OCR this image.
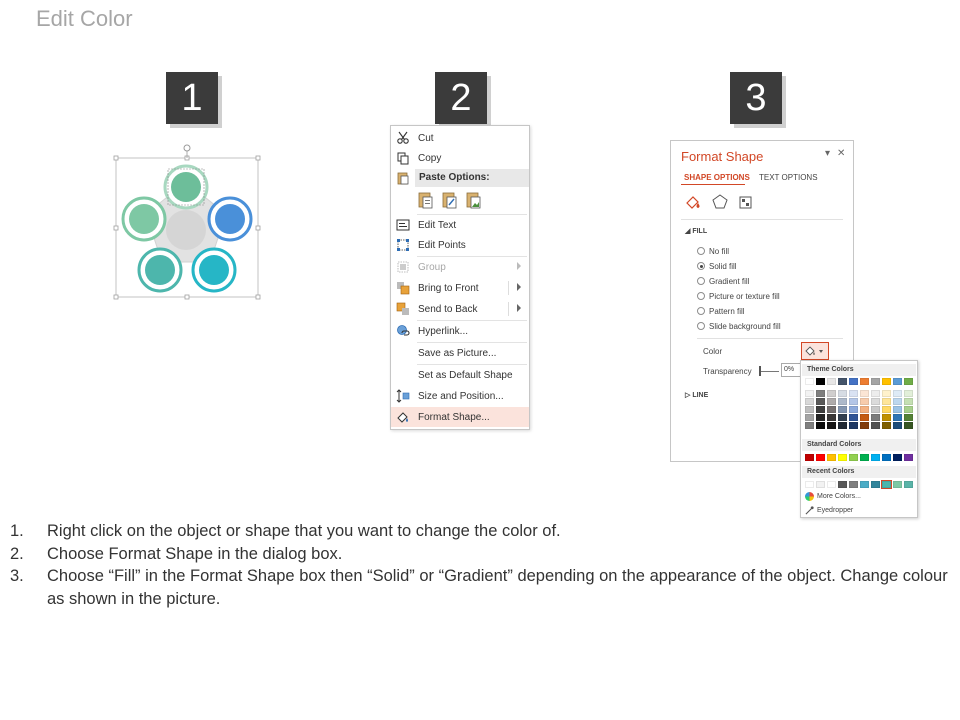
Edit Color
1	2	3
Cut
Copy
Paste Options:
Edit Text
Edit Points
Group
Bring to Front
Send to Back
Hyperlink...
Save as Picture...
Set as Default Shape
Size and Position...
Format Shape...
Format Shape	▾ ✕
SHAPE OPTIONS TEXT OPTIONS
◢ FILL
No fill
Solid fill
Gradient fill
Picture or texture fill
Pattern fill
Slide background fill
Color
Transparency	0%
▷ LINE
Theme Colors
Standard Colors
Recent Colors
More Colors...
Eyedropper
1.	Right click on the object or shape that you want to change the color of.
2.	Choose Format Shape in the dialog box.
3.	Choose “Fill” in the Format Shape box then “Solid” or “Gradient” depending on the appearance of the object. Change colour as shown in the picture.
